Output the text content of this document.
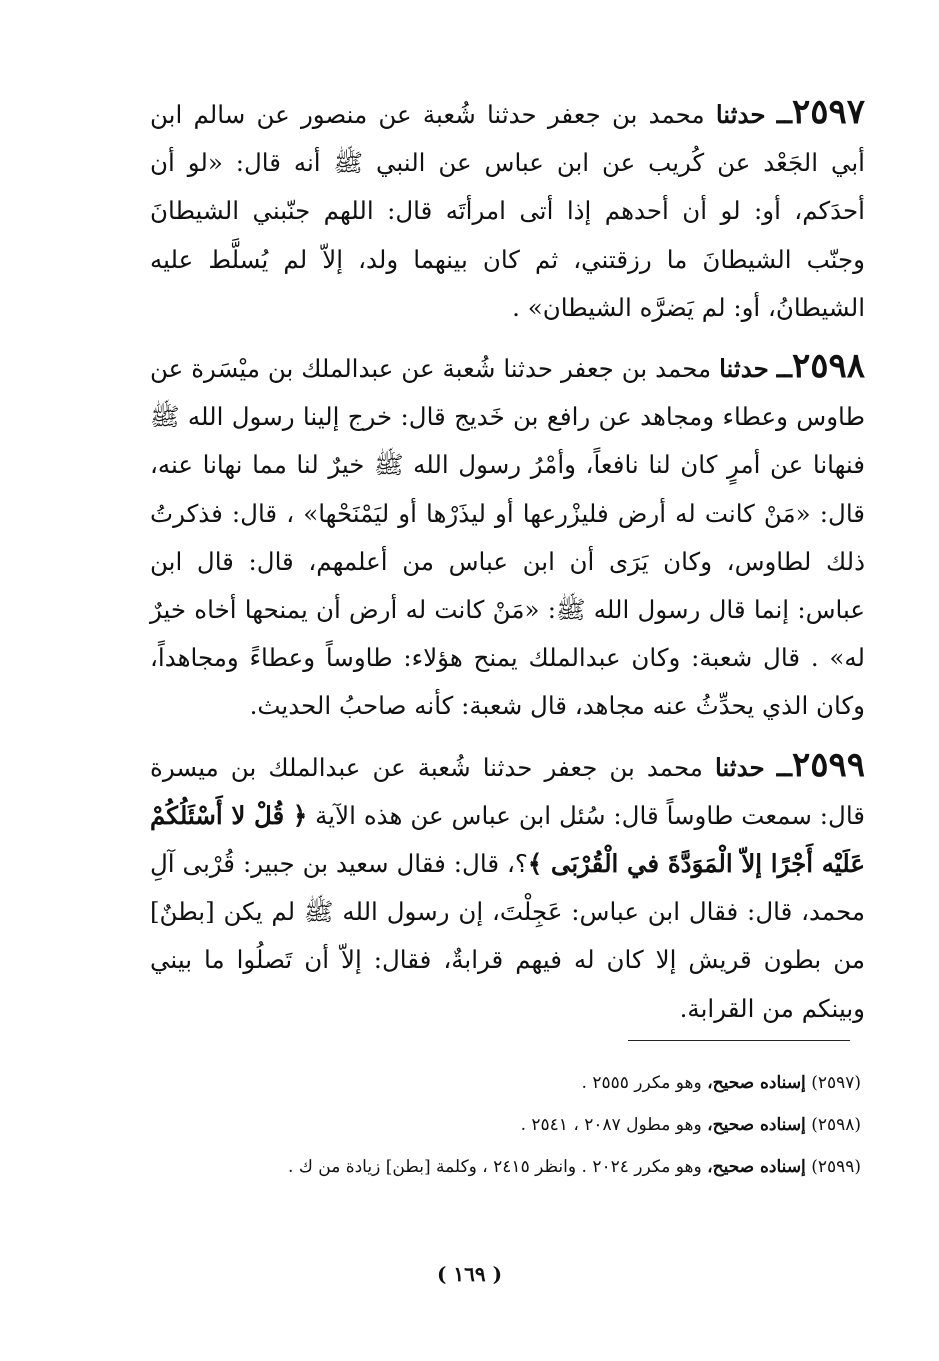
٢٥٩٧ــ حدثنا محمد بن جعفر حدثنا شُعبة عن منصور عن سالم ابن أبي الجَعْد عن كُريب عن ابن عباس عن النبي ﷺ أنه قال: «لو أن أحدَكم، أو: لو أن أحدهم إذا أتى امرأتَه قال: اللهم جنّبني الشيطانَ وجنّب الشيطانَ ما رزقتني، ثم كان بينهما ولد، إلاّ لم يُسلَّط عليه الشيطانُ، أو: لم يَضرَّه الشيطان» .

٢٥٩٨ــ حدثنا محمد بن جعفر حدثنا شُعبة عن عبدالملك بن ميْسَرة عن طاوس وعطاء ومجاهد عن رافع بن خَديج قال: خرج إلينا رسول الله ﷺ فنهانا عن أمرٍ كان لنا نافعاً، وأمْرُ رسول الله ﷺ خيرٌ لنا مما نهانا عنه، قال: «مَنْ كانت له أرض فليزْرعها أو ليذَرْها أو ليَمْنَحْها» ، قال: فذكرتُ ذلك لطاوس، وكان يَرَى أن ابن عباس من أعلمهم، قال: قال ابن عباس: إنما قال رسول الله ﷺ: «مَنْ كانت له أرض أن يمنحها أخاه خيرٌ له» . قال شعبة: وكان عبدالملك يمنح هؤلاء: طاوساً وعطاءً ومجاهداً، وكان الذي يحدِّثُ عنه مجاهد، قال شعبة: كأنه صاحبُ الحديث.

٢٥٩٩ــ حدثنا محمد بن جعفر حدثنا شُعبة عن عبدالملك بن ميسرة قال: سمعت طاوساً قال: سُئل ابن عباس عن هذه الآية ﴿ قُلْ لا أَسْئَلُكُمْ عَلَيْه أَجْرًا إلاّ الْمَوَدَّةَ في الْقُرْبَى ﴾؟، قال: فقال سعيد بن جبير: قُرْبى آلِ محمد، قال: فقال ابن عباس: عَجِلْتَ، إن رسول الله ﷺ لم يكن [بطنٌ] من بطون قريش إلا كان له فيهم قرابةٌ، فقال: إلاّ أن تَصلُوا ما بيني وبينكم من القرابة.

(٢٥٩٧) إسناده صحيح، وهو مكرر ٢٥٥٥ .

(٢٥٩٨) إسناده صحيح، وهو مطول ٢٠٨٧ ، ٢٥٤١ .

(٢٥٩٩) إسناده صحيح، وهو مكرر ٢٠٢٤ . وانظر ٢٤١٥ ، وكلمة [بطن] زيادة من ك .

( ١٦٩ )
